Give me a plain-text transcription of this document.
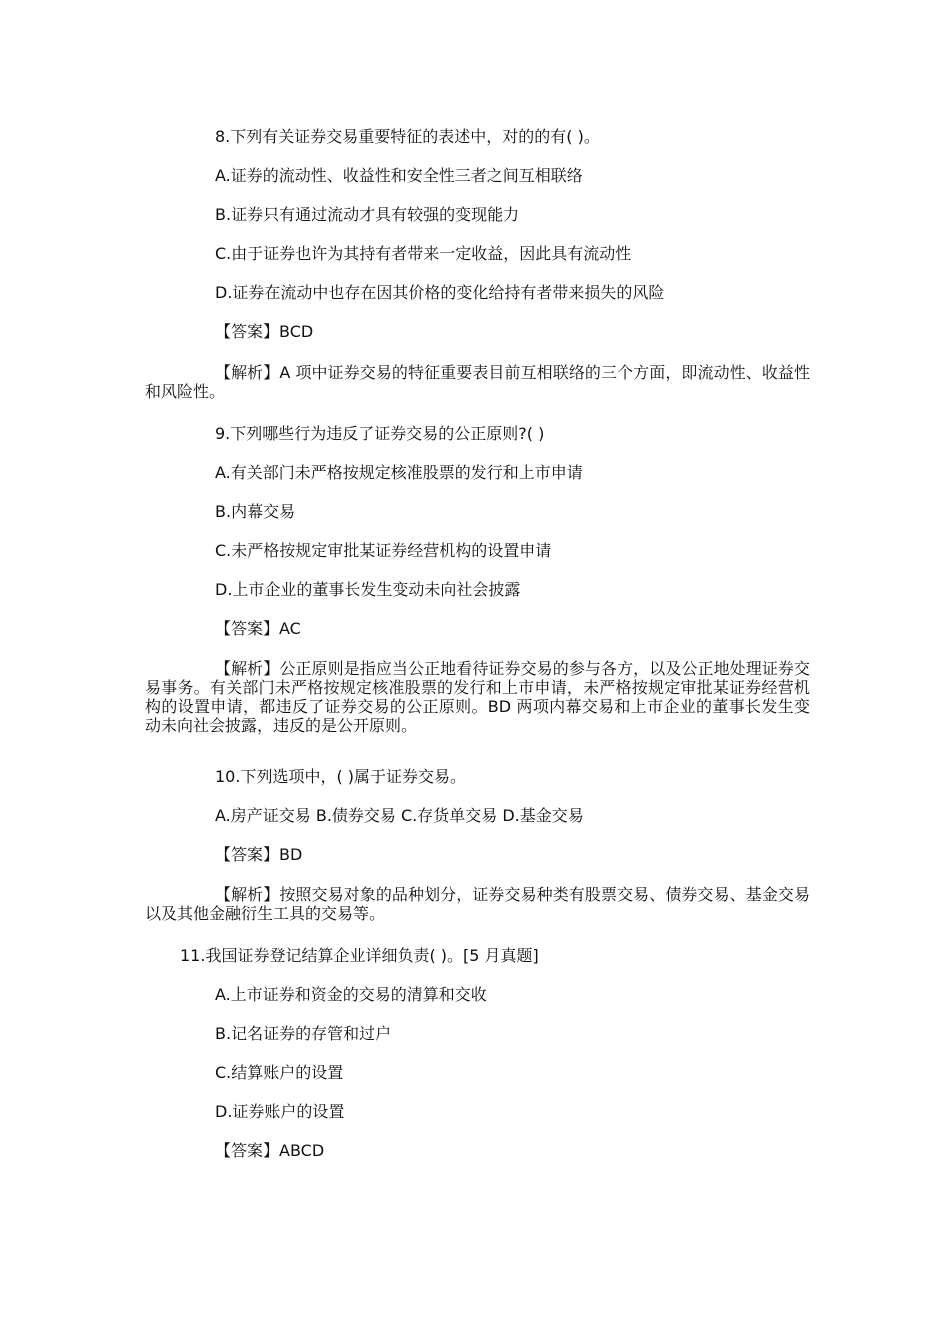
8.下列有关证券交易重要特征的表述中，对的的有( )。

A.证券的流动性、收益性和安全性三者之间互相联络

B.证券只有通过流动才具有较强的变现能力

C.由于证券也许为其持有者带来一定收益，因此具有流动性

D.证券在流动中也存在因其价格的变化给持有者带来损失的风险

【答案】BCD

【解析】A 项中证券交易的特征重要表目前互相联络的三个方面，即流动性、收益性和风险性。

9.下列哪些行为违反了证券交易的公正原则?( )

A.有关部门未严格按规定核准股票的发行和上市申请

B.内幕交易

C.未严格按规定审批某证券经营机构的设置申请

D.上市企业的董事长发生变动未向社会披露

【答案】AC

【解析】公正原则是指应当公正地看待证券交易的参与各方，以及公正地处理证券交易事务。有关部门未严格按规定核准股票的发行和上市申请，未严格按规定审批某证券经营机构的设置申请，都违反了证券交易的公正原则。BD 两项内幕交易和上市企业的董事长发生变动未向社会披露，违反的是公开原则。

10.下列选项中，( )属于证券交易。

A.房产证交易 B.债券交易 C.存货单交易 D.基金交易

【答案】BD

【解析】按照交易对象的品种划分，证券交易种类有股票交易、债券交易、基金交易以及其他金融衍生工具的交易等。

11.我国证券登记结算企业详细负责( )。[5 月真题]

A.上市证券和资金的交易的清算和交收

B.记名证券的存管和过户

C.结算账户的设置

D.证券账户的设置

【答案】ABCD
